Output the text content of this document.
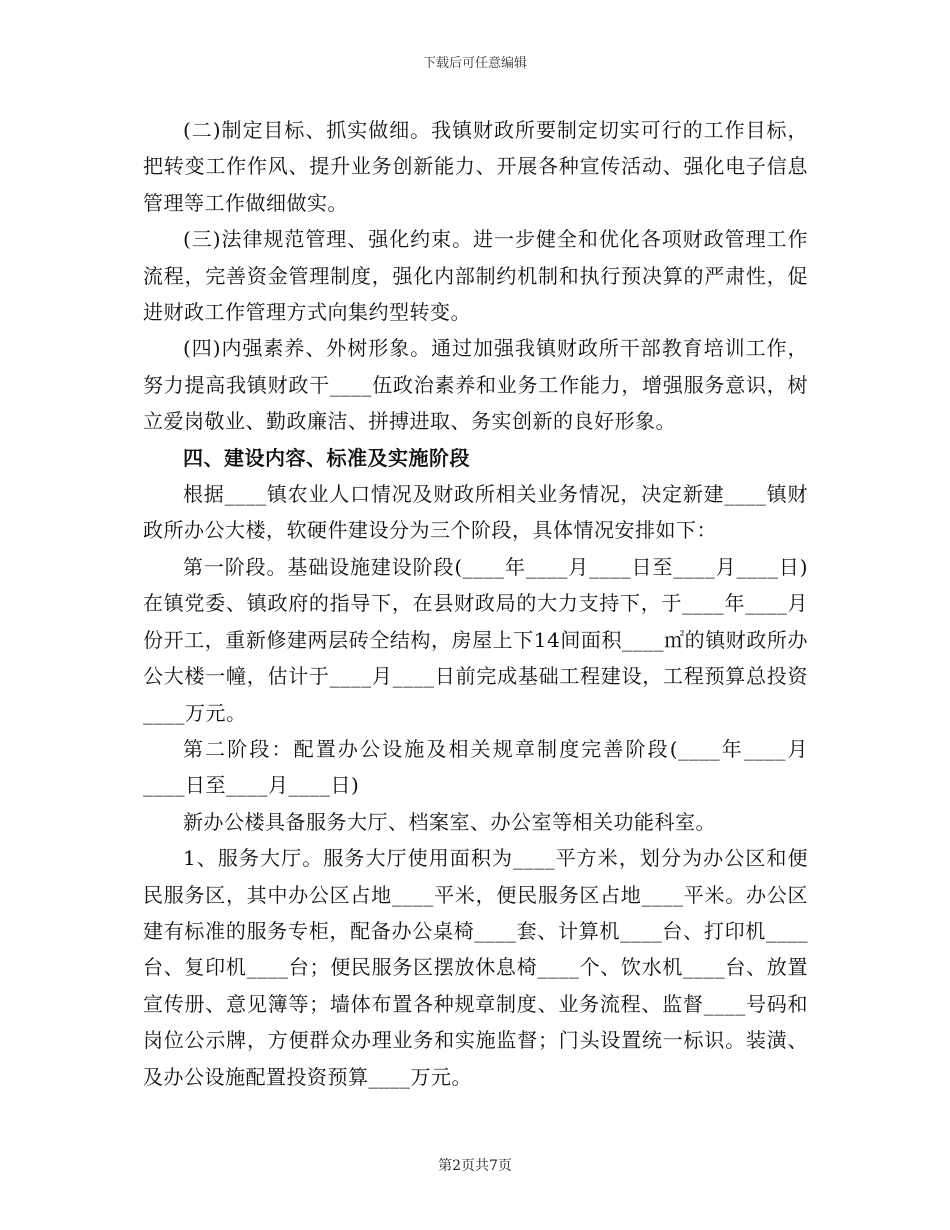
下载后可任意编辑

(二)制定目标、抓实做细。我镇财政所要制定切实可行的工作目标，把转变工作作风、提升业务创新能力、开展各种宣传活动、强化电子信息管理等工作做细做实。

(三)法律规范管理、强化约束。进一步健全和优化各项财政管理工作流程，完善资金管理制度，强化内部制约机制和执行预决算的严肃性，促进财政工作管理方式向集约型转变。

(四)内强素养、外树形象。通过加强我镇财政所干部教育培训工作，努力提高我镇财政干____伍政治素养和业务工作能力，增强服务意识，树立爱岗敬业、勤政廉洁、拼搏进取、务实创新的良好形象。

四、建设内容、标准及实施阶段

根据____镇农业人口情况及财政所相关业务情况，决定新建____镇财政所办公大楼，软硬件建设分为三个阶段，具体情况安排如下：

第一阶段。基础设施建设阶段(____年____月____日至____月____日)在镇党委、镇政府的指导下，在县财政局的大力支持下，于____年____月份开工，重新修建两层砖仝结构，房屋上下14间面积____㎡的镇财政所办公大楼一幢，估计于____月____日前完成基础工程建设，工程预算总投资____万元。

第二阶段：配置办公设施及相关规章制度完善阶段(____年____月____日至____月____日)

新办公楼具备服务大厅、档案室、办公室等相关功能科室。

1、服务大厅。服务大厅使用面积为____平方米，划分为办公区和便民服务区，其中办公区占地____平米，便民服务区占地____平米。办公区建有标准的服务专柜，配备办公桌椅____套、计算机____台、打印机____台、复印机____台；便民服务区摆放休息椅____个、饮水机____台、放置宣传册、意见簿等；墙体布置各种规章制度、业务流程、监督____号码和岗位公示牌，方便群众办理业务和实施监督；门头设置统一标识。装潢、及办公设施配置投资预算____万元。

第2页共7页
